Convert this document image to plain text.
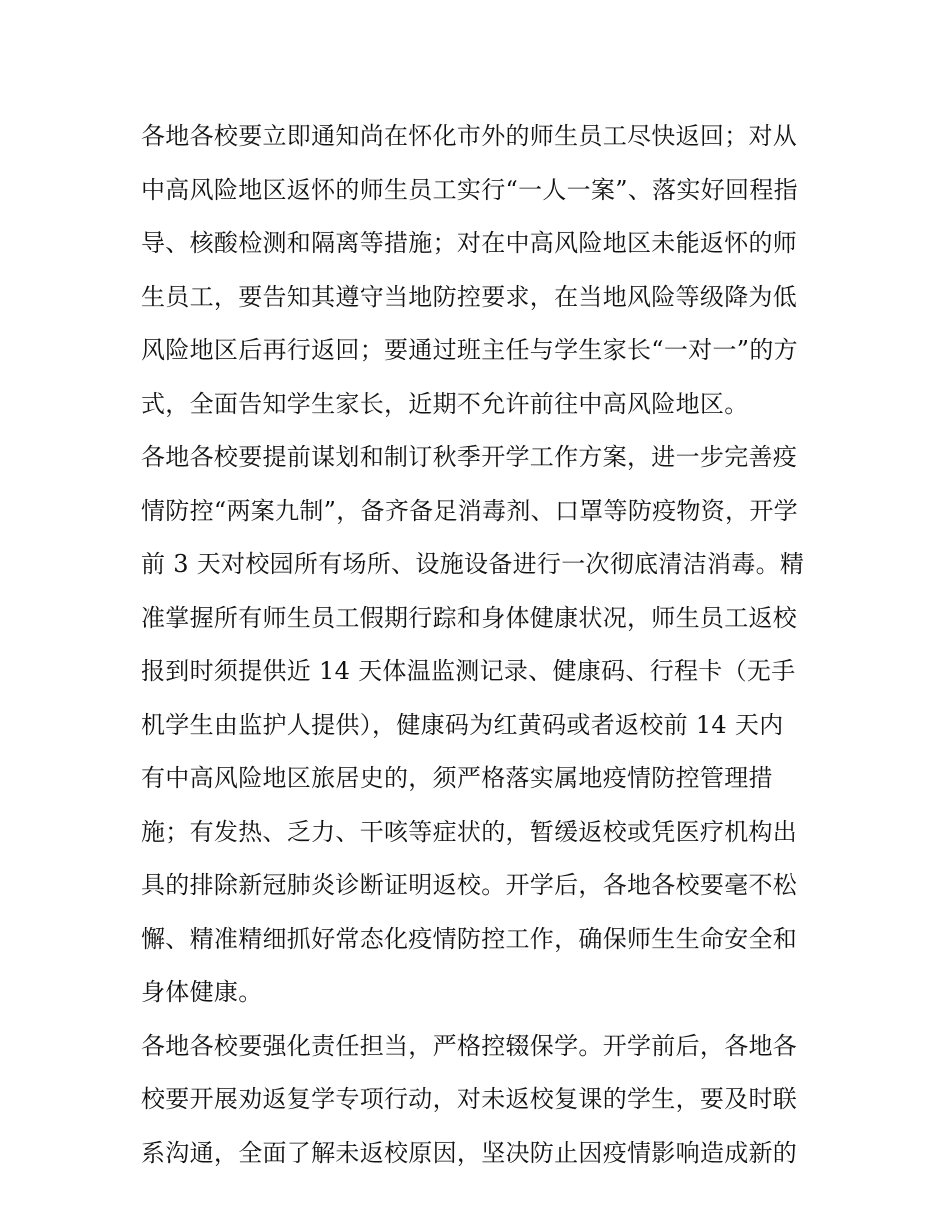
各地各校要立即通知尚在怀化市外的师生员工尽快返回；对从
中高风险地区返怀的师生员工实行“一人一案”、落实好回程指
导、核酸检测和隔离等措施；对在中高风险地区未能返怀的师
生员工，要告知其遵守当地防控要求，在当地风险等级降为低
风险地区后再行返回；要通过班主任与学生家长“一对一”的方
式，全面告知学生家长，近期不允许前往中高风险地区。
各地各校要提前谋划和制订秋季开学工作方案，进一步完善疫
情防控“两案九制”，备齐备足消毒剂、口罩等防疫物资，开学
前 3 天对校园所有场所、设施设备进行一次彻底清洁消毒。精
准掌握所有师生员工假期行踪和身体健康状况，师生员工返校
报到时须提供近 14 天体温监测记录、健康码、行程卡（无手
机学生由监护人提供），健康码为红黄码或者返校前 14 天内
有中高风险地区旅居史的，须严格落实属地疫情防控管理措
施；有发热、乏力、干咳等症状的，暂缓返校或凭医疗机构出
具的排除新冠肺炎诊断证明返校。开学后，各地各校要毫不松
懈、精准精细抓好常态化疫情防控工作，确保师生生命安全和
身体健康。
各地各校要强化责任担当，严格控辍保学。开学前后，各地各
校要开展劝返复学专项行动，对未返校复课的学生，要及时联
系沟通，全面了解未返校原因，坚决防止因疫情影响造成新的
